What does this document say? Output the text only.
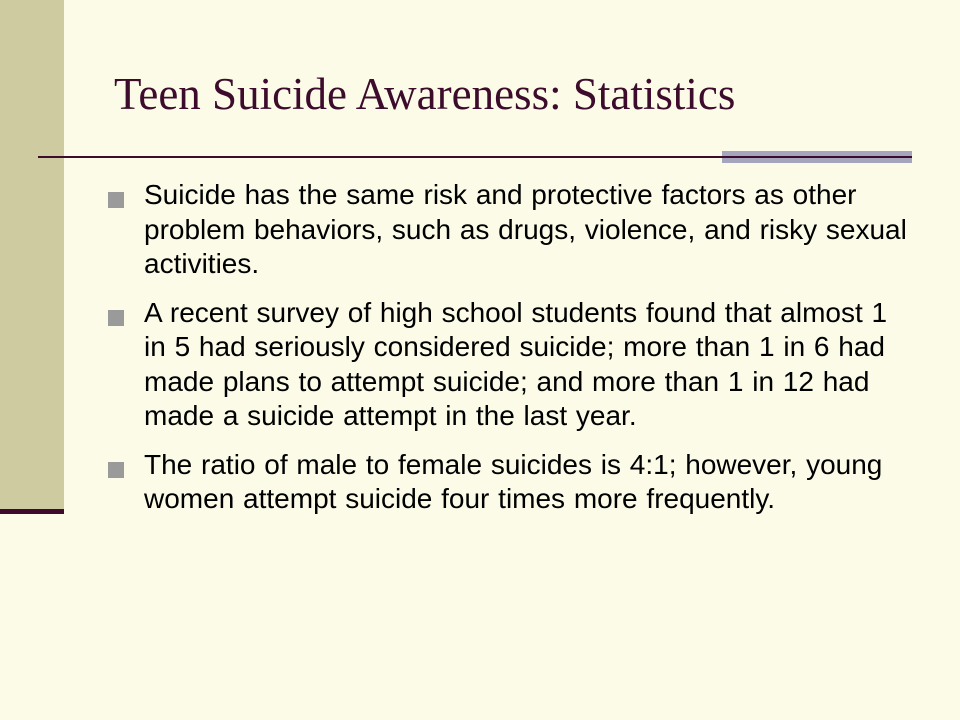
Teen Suicide Awareness: Statistics
Suicide has the same risk and protective factors as other problem behaviors, such as drugs, violence, and risky sexual activities.
A recent survey of high school students found that almost 1 in 5 had seriously considered suicide; more than 1 in 6 had made plans to attempt suicide; and more than 1 in 12 had made a suicide attempt in the last year.
The ratio of male to female suicides is 4:1; however, young women attempt suicide four times more frequently.
